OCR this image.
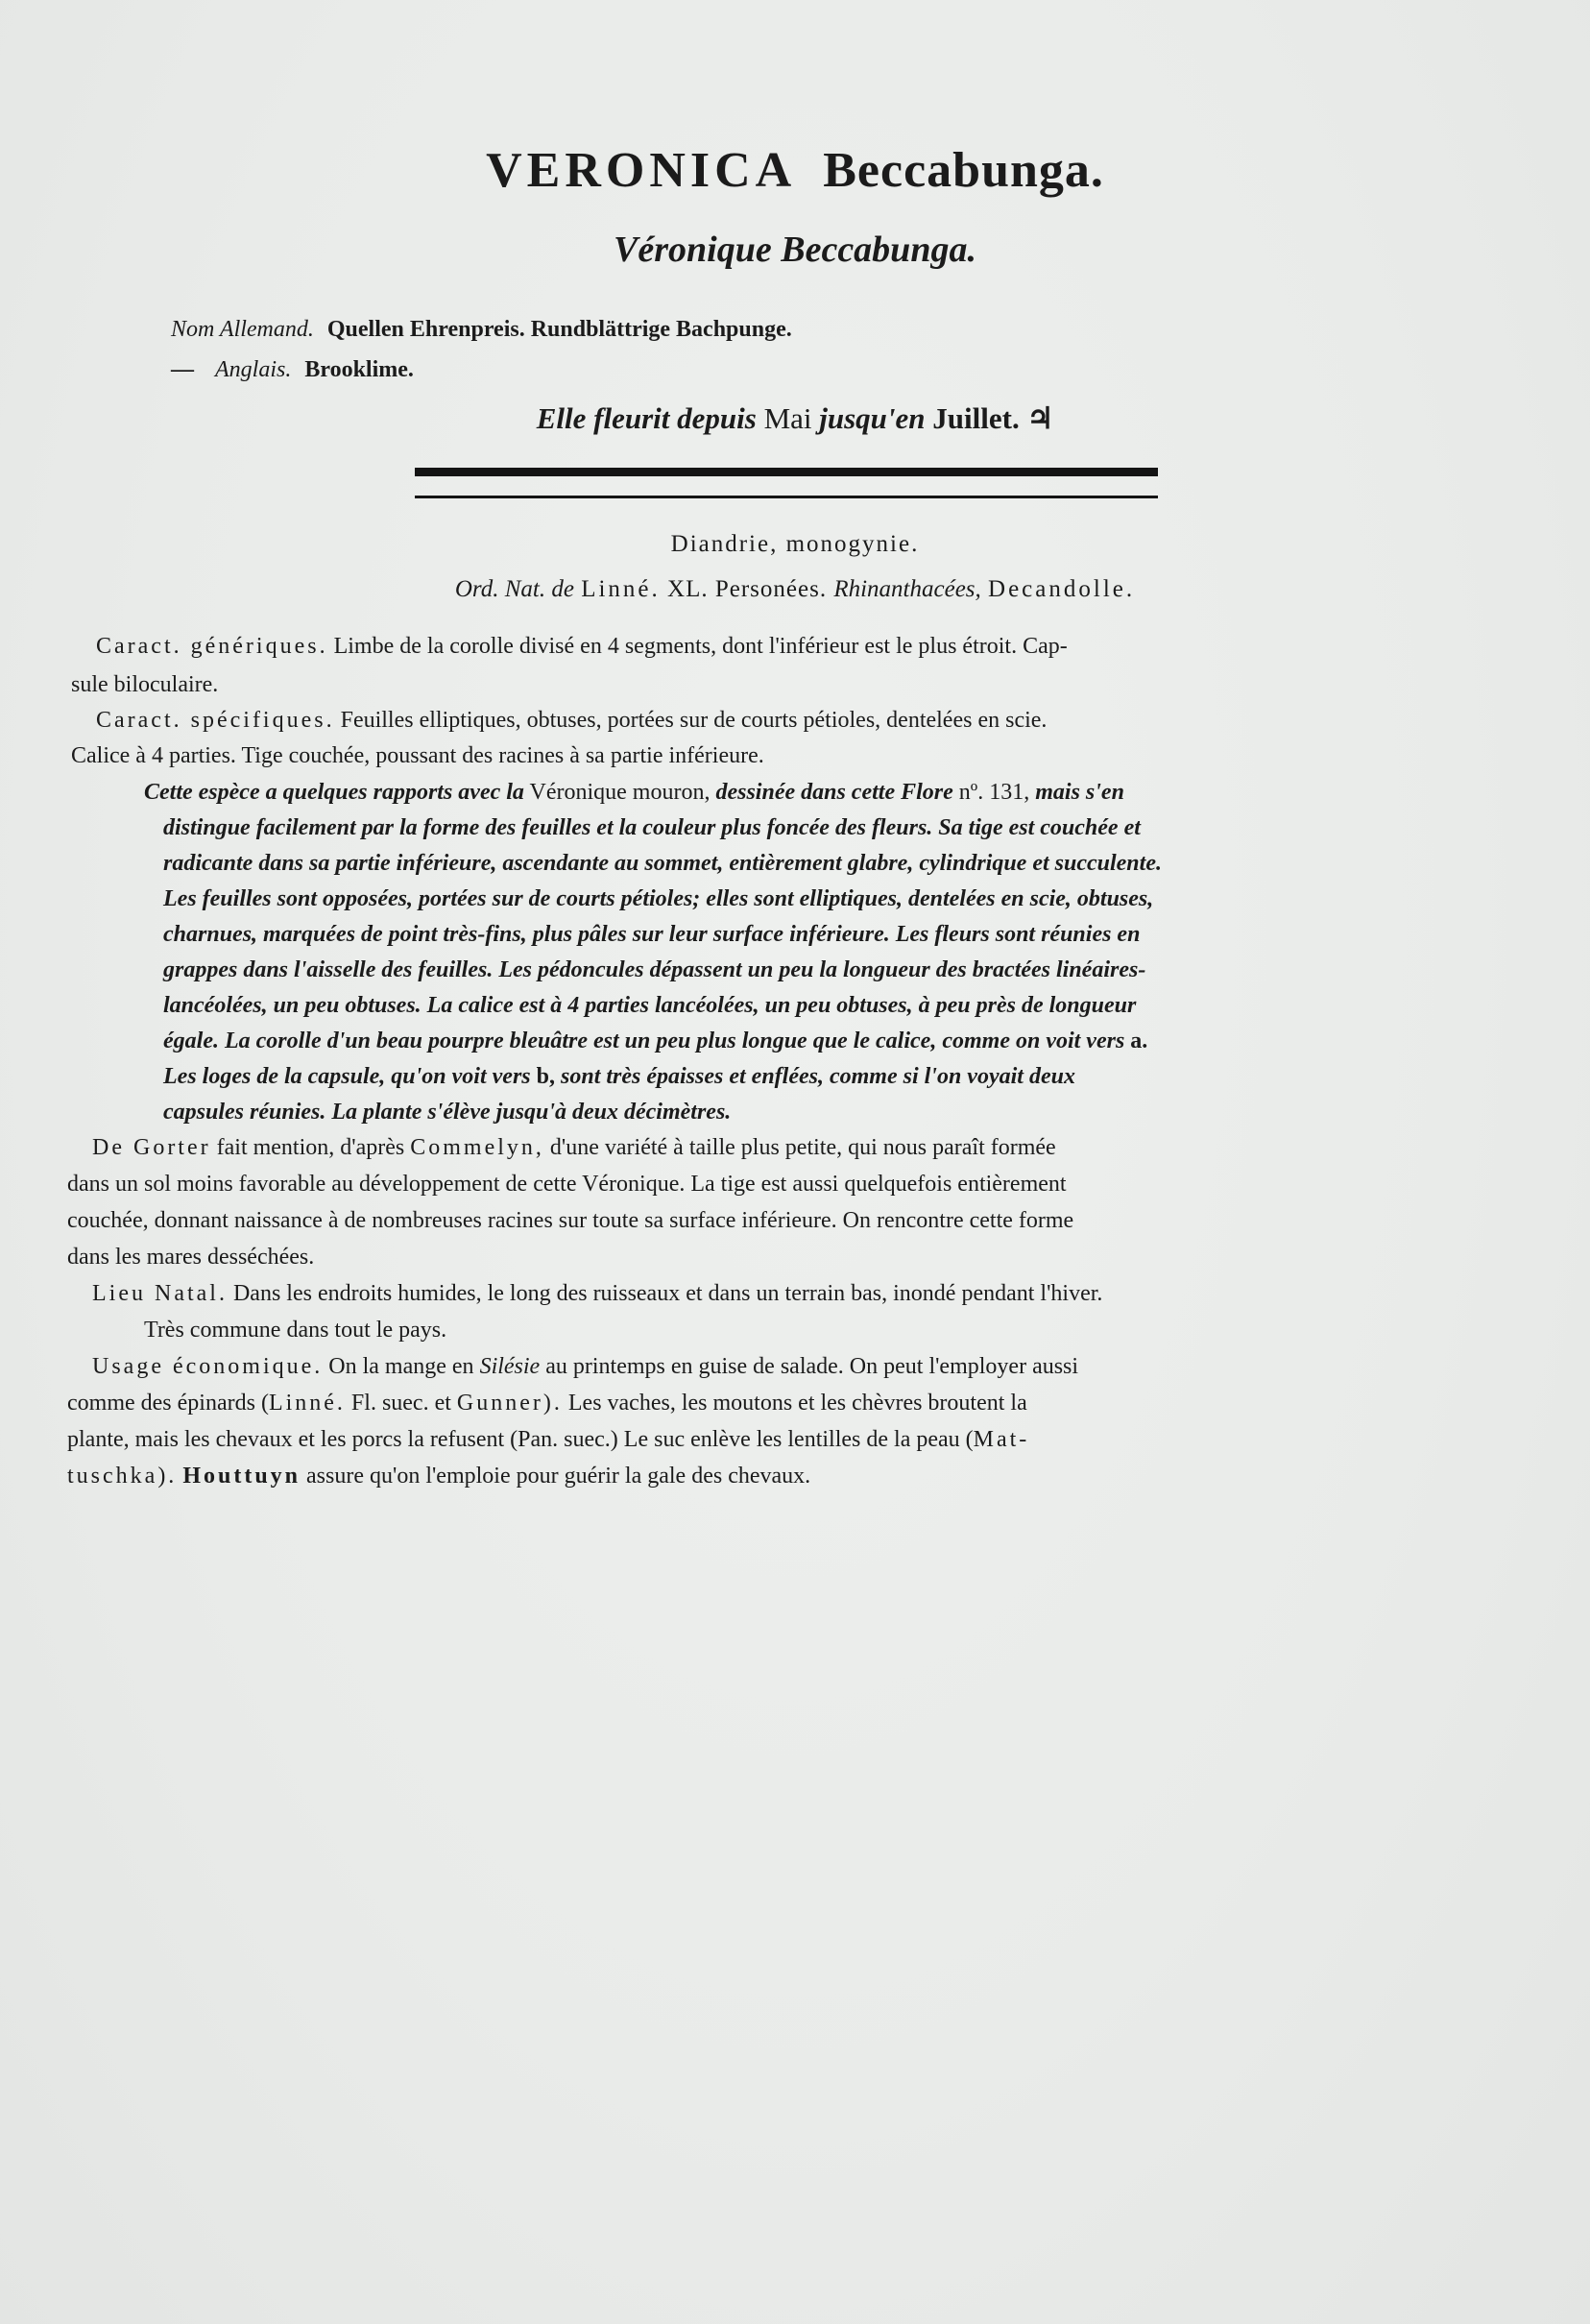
VERONICA Beccabunga.
Véronique Beccabunga.
Nom Allemand. Quellen Ehrenpreis. Rundblättrige Bachpunge.
— Anglais. Brooklime.
Elle fleurit depuis Mai jusqu'en Juillet. ♃
Diandrie, monogynie.
Ord. Nat. de Linné. XL. Personées. Rhinanthacées, Decandolle.
Caract. génériques. Limbe de la corolle divisé en 4 segments, dont l'inférieur est le plus étroit. Cap-
sule biloculaire.
Caract. spécifiques. Feuilles elliptiques, obtuses, portées sur de courts pétioles, dentelées en scie.
Calice à 4 parties. Tige couchée, poussant des racines à sa partie inférieure.
Cette espèce a quelques rapports avec la Véronique mouron, dessinée dans cette Flore nº. 131, mais s'en
distingue facilement par la forme des feuilles et la couleur plus foncée des fleurs. Sa tige est couchée et
radicante dans sa partie inférieure, ascendante au sommet, entièrement glabre, cylindrique et succulente.
Les feuilles sont opposées, portées sur de courts pétioles; elles sont elliptiques, dentelées en scie, obtuses,
charnues, marquées de point très-fins, plus pâles sur leur surface inférieure. Les fleurs sont réunies en
grappes dans l'aisselle des feuilles. Les pédoncules dépassent un peu la longueur des bractées linéaires-
lancéolées, un peu obtuses. La calice est à 4 parties lancéolées, un peu obtuses, à peu près de longueur
égale. La corolle d'un beau pourpre bleuâtre est un peu plus longue que le calice, comme on voit vers a.
Les loges de la capsule, qu'on voit vers b, sont très épaisses et enflées, comme si l'on voyait deux
capsules réunies. La plante s'élève jusqu'à deux décimètres.
De Gorter fait mention, d'après Commelyn, d'une variété à taille plus petite, qui nous paraît formée
dans un sol moins favorable au développement de cette Véronique. La tige est aussi quelquefois entièrement
couchée, donnant naissance à de nombreuses racines sur toute sa surface inférieure. On rencontre cette forme
dans les mares desséchées.
Lieu Natal. Dans les endroits humides, le long des ruisseaux et dans un terrain bas, inondé pendant l'hiver.
Très commune dans tout le pays.
Usage économique. On la mange en Silésie au printemps en guise de salade. On peut l'employer aussi
comme des épinards (Linné. Fl. suec. et Gunner). Les vaches, les moutons et les chèvres broutent la
plante, mais les chevaux et les porcs la refusent (Pan. suec.) Le suc enlève les lentilles de la peau (Mat-
tuschka). Houttuyn assure qu'on l'emploie pour guérir la gale des chevaux.
